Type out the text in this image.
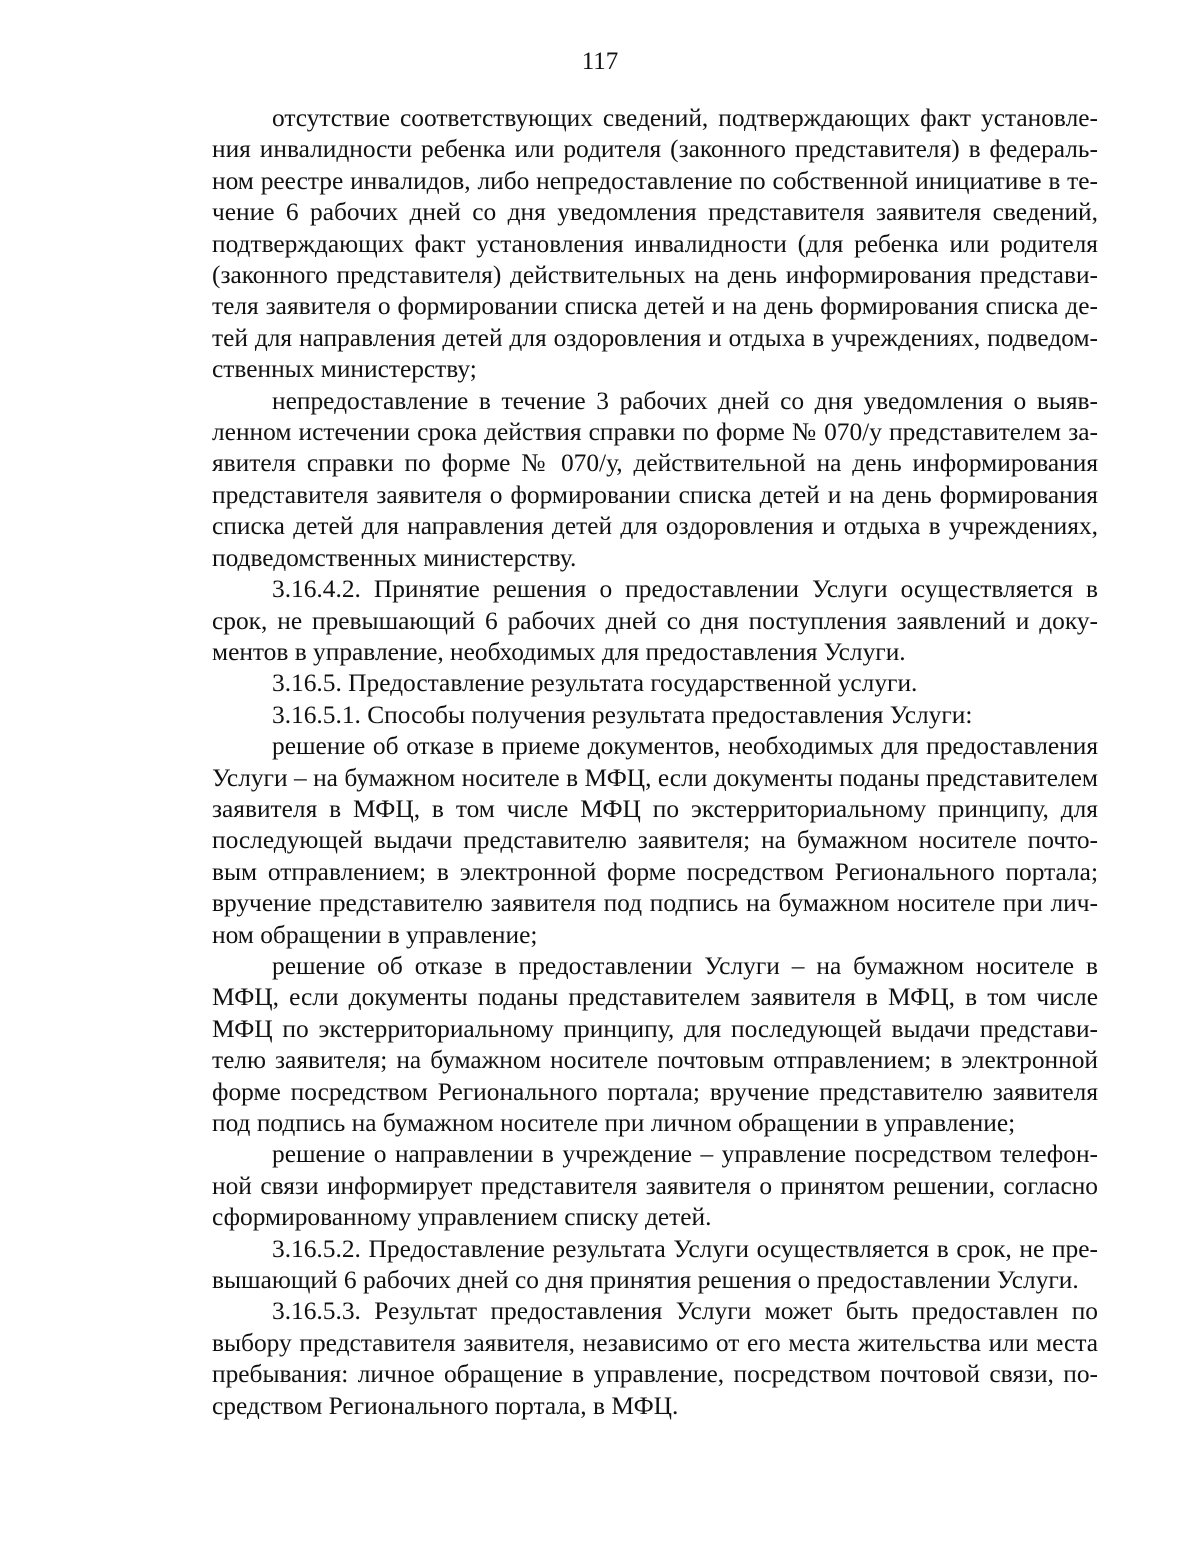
117

отсутствие соответствующих сведений, подтверждающих факт установления инвалидности ребенка или родителя (законного представителя) в федеральном реестре инвалидов, либо непредоставление по собственной инициативе в течение 6 рабочих дней со дня уведомления представителя заявителя сведений, подтверждающих факт установления инвалидности (для ребенка или родителя (законного представителя) действительных на день информирования представителя заявителя о формировании списка детей и на день формирования списка детей для направления детей для оздоровления и отдыха в учреждениях, подведомственных министерству;

непредоставление в течение 3 рабочих дней со дня уведомления о выявленном истечении срока действия справки по форме № 070/у представителем заявителя справки по форме № 070/у, действительной на день информирования представителя заявителя о формировании списка детей и на день формирования списка детей для направления детей для оздоровления и отдыха в учреждениях, подведомственных министерству.

3.16.4.2. Принятие решения о предоставлении Услуги осуществляется в срок, не превышающий 6 рабочих дней со дня поступления заявлений и документов в управление, необходимых для предоставления Услуги.

3.16.5. Предоставление результата государственной услуги.

3.16.5.1. Способы получения результата предоставления Услуги:

решение об отказе в приеме документов, необходимых для предоставления Услуги – на бумажном носителе в МФЦ, если документы поданы представителем заявителя в МФЦ, в том числе МФЦ по экстерриториальному принципу, для последующей выдачи представителю заявителя; на бумажном носителе почтовым отправлением; в электронной форме посредством Регионального портала; вручение представителю заявителя под подпись на бумажном носителе при личном обращении в управление;

решение об отказе в предоставлении Услуги – на бумажном носителе в МФЦ, если документы поданы представителем заявителя в МФЦ, в том числе МФЦ по экстерриториальному принципу, для последующей выдачи представителю заявителя; на бумажном носителе почтовым отправлением; в электронной форме посредством Регионального портала; вручение представителю заявителя под подпись на бумажном носителе при личном обращении в управление;

решение о направлении в учреждение – управление посредством телефонной связи информирует представителя заявителя о принятом решении, согласно сформированному управлением списку детей.

3.16.5.2. Предоставление результата Услуги осуществляется в срок, не превышающий 6 рабочих дней со дня принятия решения о предоставлении Услуги.

3.16.5.3. Результат предоставления Услуги может быть предоставлен по выбору представителя заявителя, независимо от его места жительства или места пребывания: личное обращение в управление, посредством почтовой связи, посредством Регионального портала, в МФЦ.
